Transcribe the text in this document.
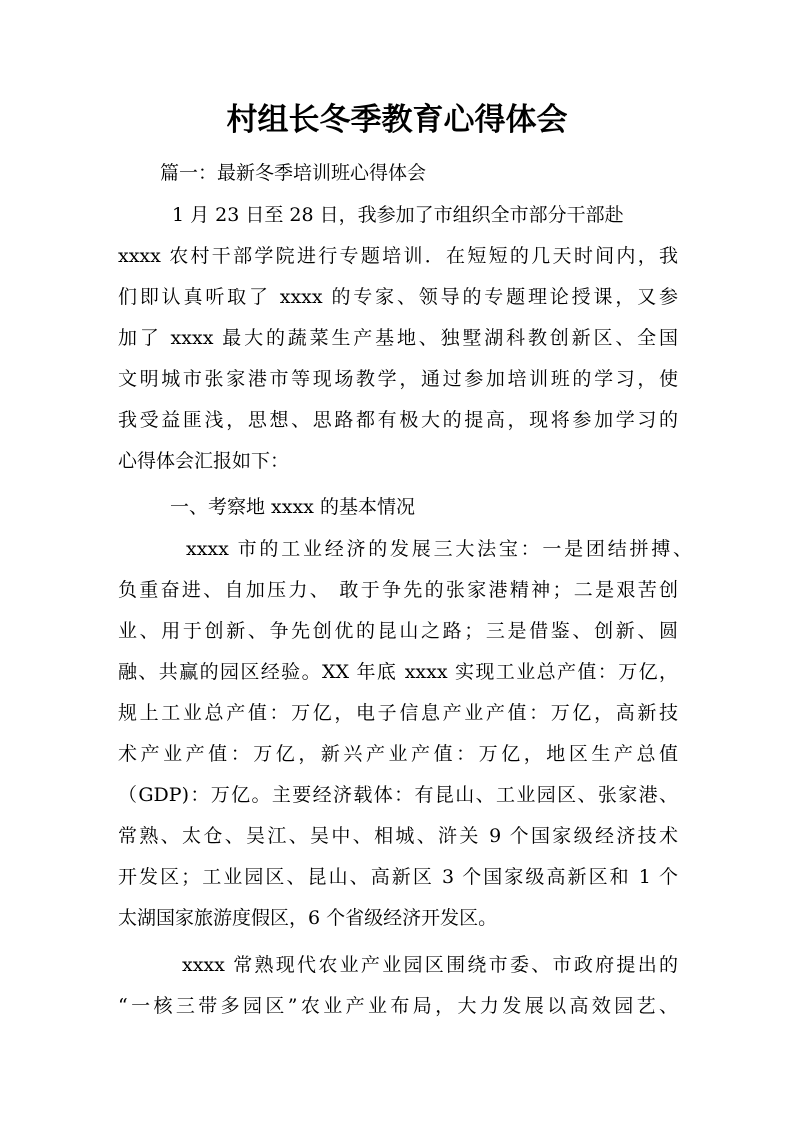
村组长冬季教育心得体会
篇一：最新冬季培训班心得体会
1 月 23 日至 28 日，我参加了市组织全市部分干部赴
xxxx 农村干部学院进行专题培训．在短短的几天时间内，我
们即认真听取了 xxxx 的专家、领导的专题理论授课，又参
加了 xxxx 最大的蔬菜生产基地、独墅湖科教创新区、全国
文明城市张家港市等现场教学，通过参加培训班的学习，使
我受益匪浅，思想、思路都有极大的提高，现将参加学习的
心得体会汇报如下：
一、考察地 xxxx 的基本情况
xxxx 市的工业经济的发展三大法宝：一是团结拼搏、
负重奋进、自加压力、 敢于争先的张家港精神；二是艰苦创
业、用于创新、争先创优的昆山之路；三是借鉴、创新、圆
融、共赢的园区经验。XX 年底 xxxx 实现工业总产值：万亿，
规上工业总产值：万亿，电子信息产业产值：万亿，高新技
术产业产值：万亿，新兴产业产值：万亿，地区生产总值
（GDP)：万亿。主要经济载体：有昆山、工业园区、张家港、
常熟、太仓、吴江、吴中、相城、浒关 9 个国家级经济技术
开发区；工业园区、昆山、高新区 3 个国家级高新区和 1 个
太湖国家旅游度假区，6 个省级经济开发区。
xxxx 常熟现代农业产业园区围绕市委、市政府提出的
“一核三带多园区”农业产业布局，大力发展以高效园艺、
